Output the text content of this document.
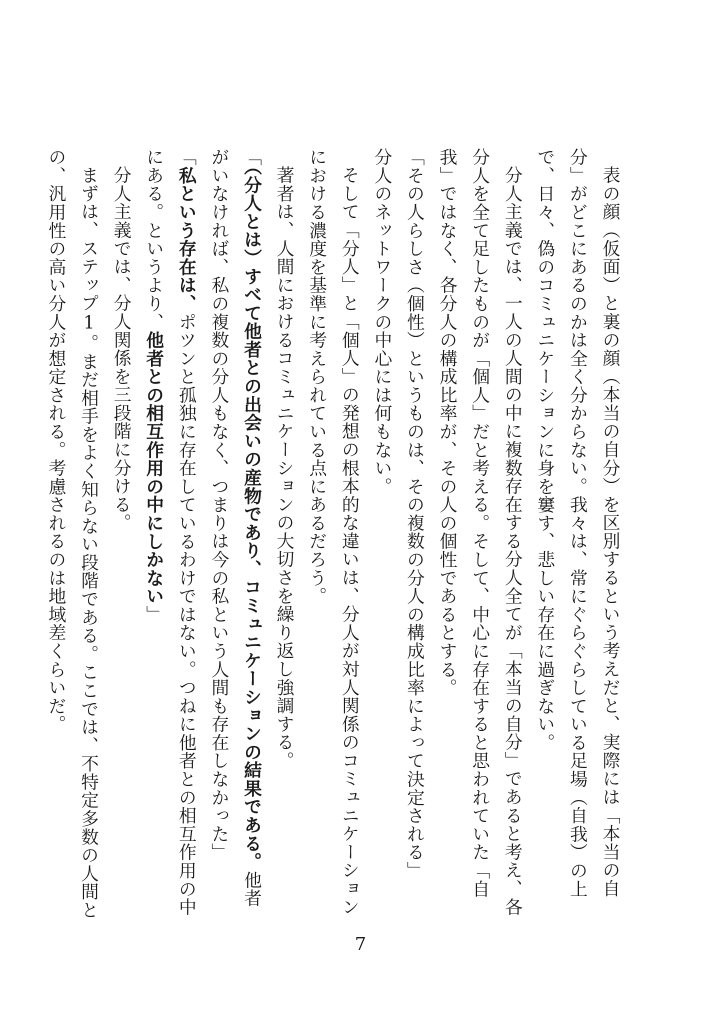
表の顔（仮面）と裏の顔（本当の自分）を区別するという考えだと、実際には「本当の自分」がどこにあるのかは全く分からない。我々は、常にぐらぐらしている足場（自我）の上で、日々、偽のコミュニケーションに身を窶す、悲しい存在に過ぎない。

分人主義では、一人の人間の中に複数存在する分人全てが「本当の自分」であると考え、各分人を全て足したものが「個人」だと考える。そして、中心に存在すると思われていた「自我」ではなく、各分人の構成比率が、その人の個性であるとする。

「その人らしさ（個性）というものは、その複数の分人の構成比率によって決定される」

分人のネットワークの中心には何もない。

そして「分人」と「個人」の発想の根本的な違いは、分人が対人関係のコミュニケーションにおける濃度を基準に考えられている点にあるだろう。

著者は、人間におけるコミュニケーションの大切さを繰り返し強調する。

「（分人とは）すべて他者との出会いの産物であり、コミュニケーションの結果である。他者がいなければ、私の複数の分人もなく、つまりは今の私という人間も存在しなかった」

「私という存在は、ポツンと孤独に存在しているわけではない。つねに他者との相互作用の中にある。というより、他者との相互作用の中にしかない」

分人主義では、分人関係を三段階に分ける。

まずは、ステップ1。まだ相手をよく知らない段階である。ここでは、不特定多数の人間との、汎用性の高い分人が想定される。考慮されるのは地域差くらいだ。

7
